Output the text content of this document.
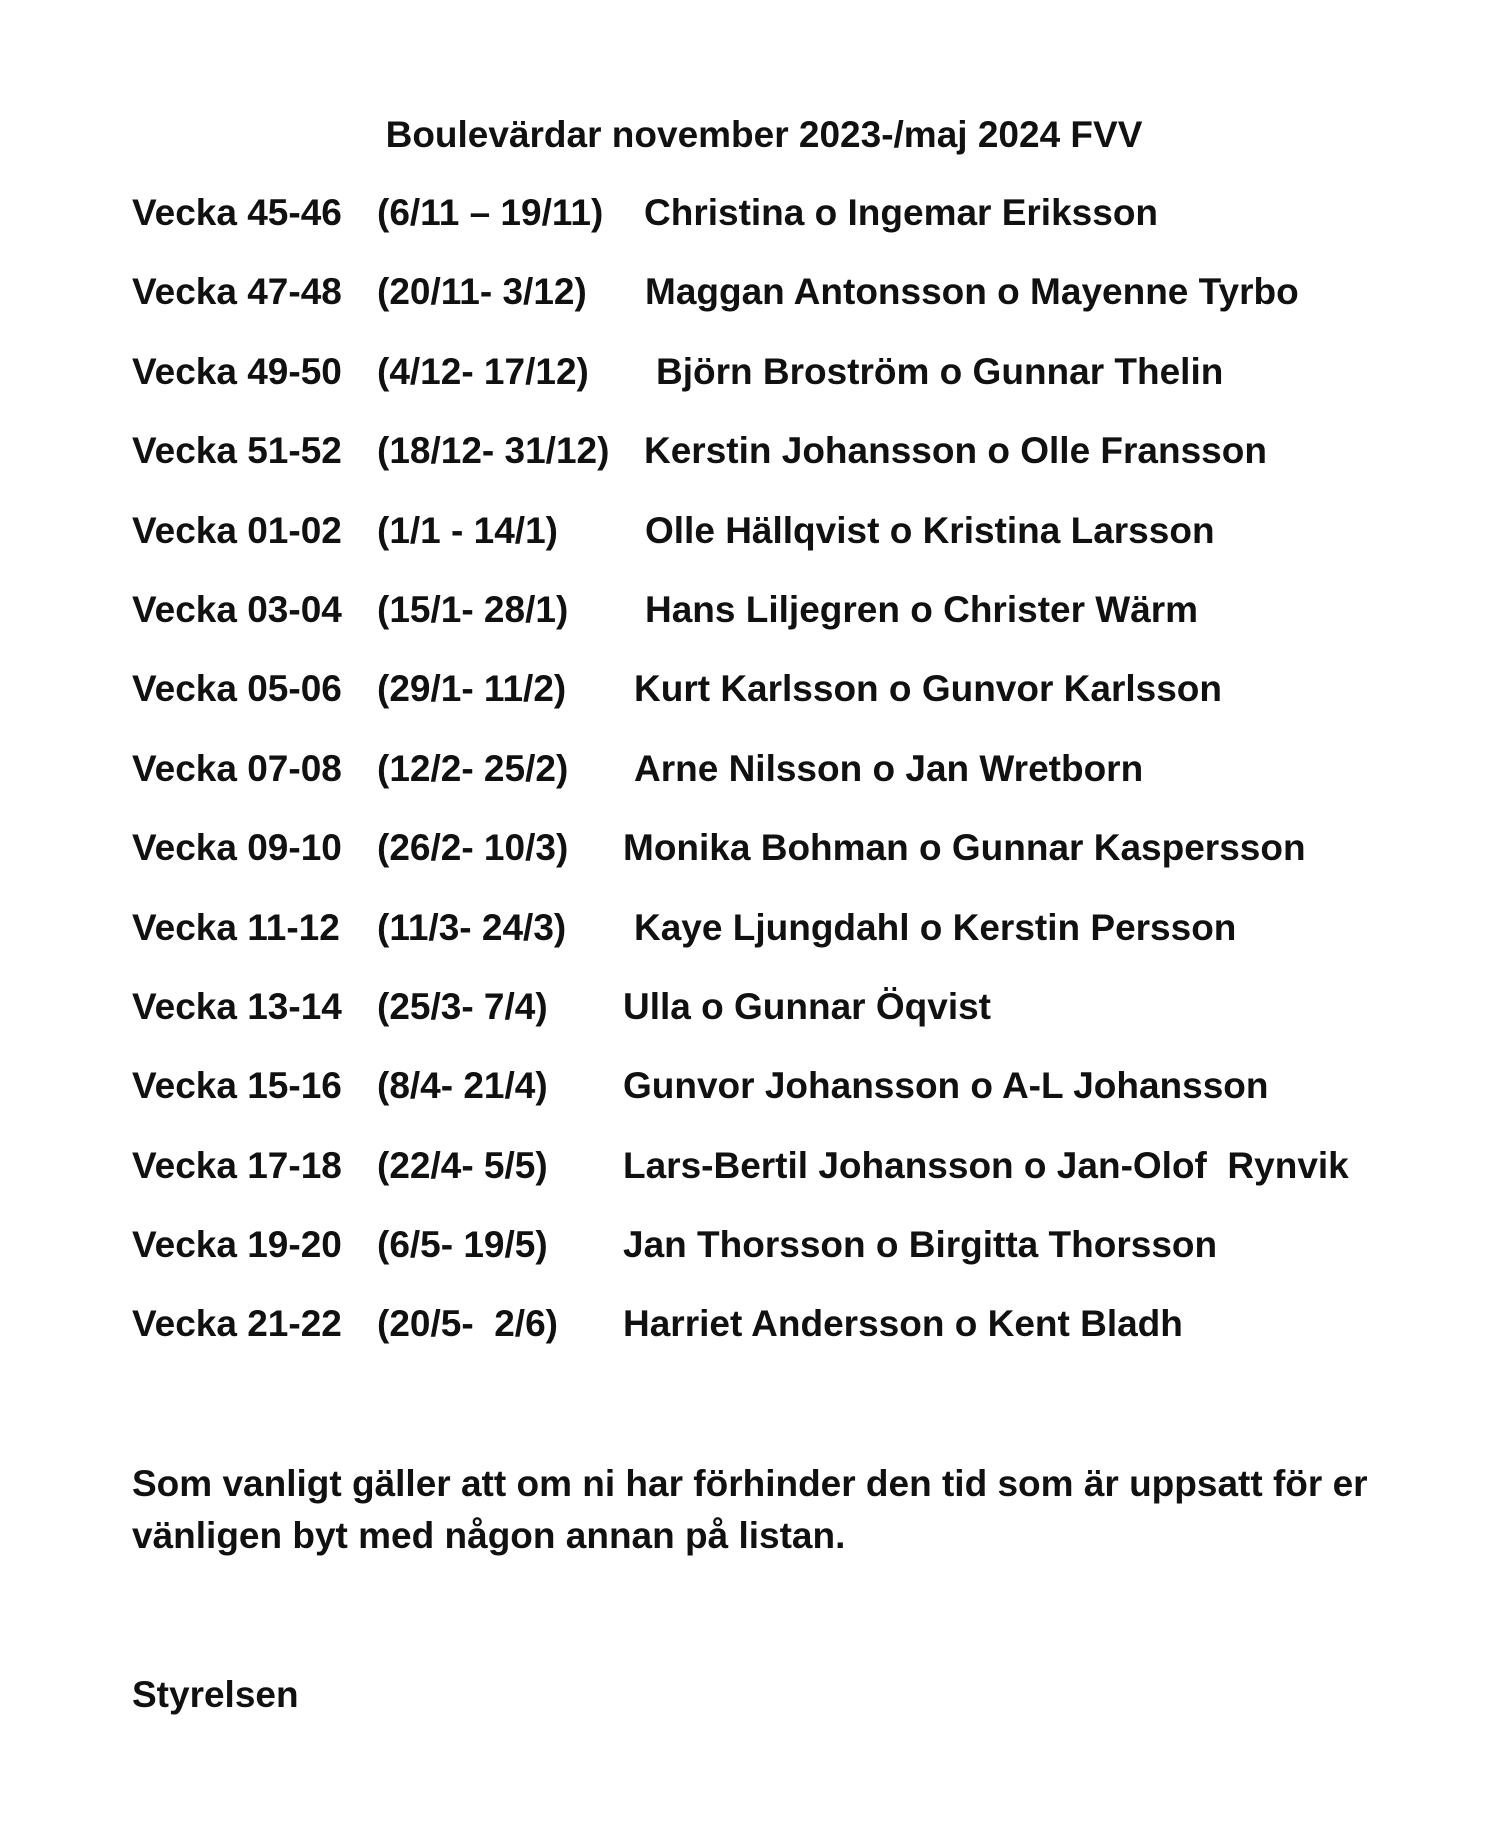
Boulevärdar november 2023-/maj 2024 FVV
Vecka 45-46 (6/11 – 19/11) Christina o Ingemar Eriksson
Vecka 47-48 (20/11- 3/12) Maggan Antonsson o Mayenne Tyrbo
Vecka 49-50 (4/12- 17/12) Björn Broström o Gunnar Thelin
Vecka 51-52 (18/12- 31/12) Kerstin Johansson o Olle Fransson
Vecka 01-02 (1/1 - 14/1) Olle Hällqvist o Kristina Larsson
Vecka 03-04 (15/1- 28/1) Hans Liljegren o Christer Wärm
Vecka 05-06 (29/1- 11/2) Kurt Karlsson o Gunvor Karlsson
Vecka 07-08 (12/2- 25/2) Arne Nilsson o Jan Wretborn
Vecka 09-10 (26/2- 10/3) Monika Bohman o Gunnar Kaspersson
Vecka 11-12 (11/3- 24/3) Kaye Ljungdahl o Kerstin Persson
Vecka 13-14 (25/3- 7/4) Ulla o Gunnar Öqvist
Vecka 15-16 (8/4- 21/4) Gunvor Johansson o A-L Johansson
Vecka 17-18 (22/4- 5/5) Lars-Bertil Johansson o Jan-Olof  Rynvik
Vecka 19-20 (6/5- 19/5) Jan Thorsson o Birgitta Thorsson
Vecka 21-22 (20/5-  2/6) Harriet Andersson o Kent Bladh
Som vanligt gäller att om ni har förhinder den tid som är uppsatt för er vänligen byt med någon annan på listan.
Styrelsen
